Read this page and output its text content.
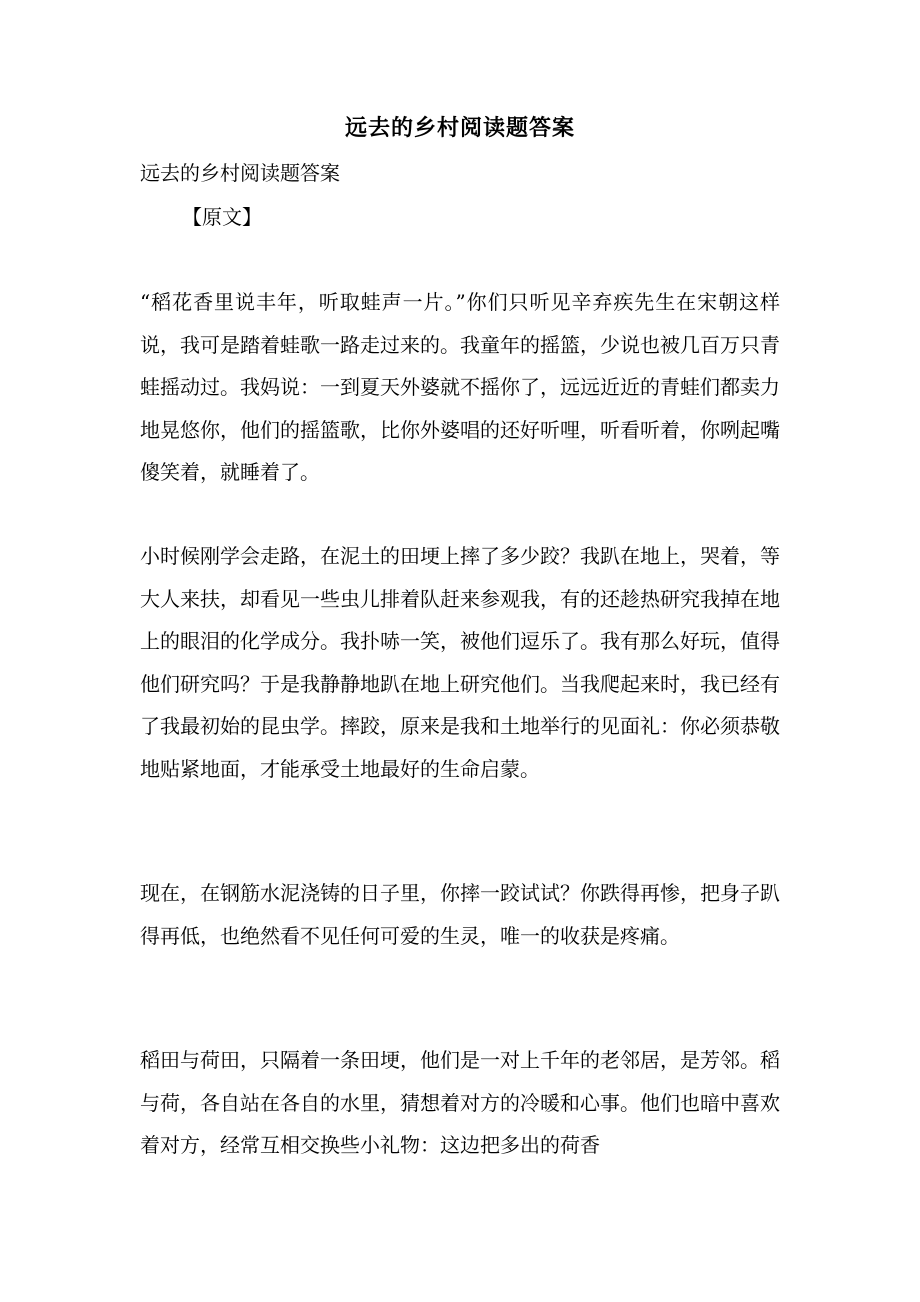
远去的乡村阅读题答案

远去的乡村阅读题答案

【原文】

“稻花香里说丰年，听取蛙声一片。”你们只听见辛弃疾先生在宋朝这样说，我可是踏着蛙歌一路走过来的。我童年的摇篮，少说也被几百万只青蛙摇动过。我妈说：一到夏天外婆就不摇你了，远远近近的青蛙们都卖力地晃悠你，他们的摇篮歌，比你外婆唱的还好听哩，听看听着，你咧起嘴傻笑着，就睡着了。

小时候刚学会走路，在泥土的田埂上摔了多少跤？我趴在地上，哭着，等大人来扶，却看见一些虫儿排着队赶来参观我，有的还趁热研究我掉在地上的眼泪的化学成分。我扑哧一笑，被他们逗乐了。我有那么好玩，值得他们研究吗？于是我静静地趴在地上研究他们。当我爬起来时，我已经有了我最初始的昆虫学。摔跤，原来是我和土地举行的见面礼：你必须恭敬地贴紧地面，才能承受土地最好的生命启蒙。

现在，在钢筋水泥浇铸的日子里，你摔一跤试试？你跌得再惨，把身子趴得再低，也绝然看不见任何可爱的生灵，唯一的收获是疼痛。

稻田与荷田，只隔着一条田埂，他们是一对上千年的老邻居，是芳邻。稻与荷，各自站在各自的水里，猜想着对方的冷暖和心事。他们也暗中喜欢着对方，经常互相交换些小礼物：这边把多出的荷香
